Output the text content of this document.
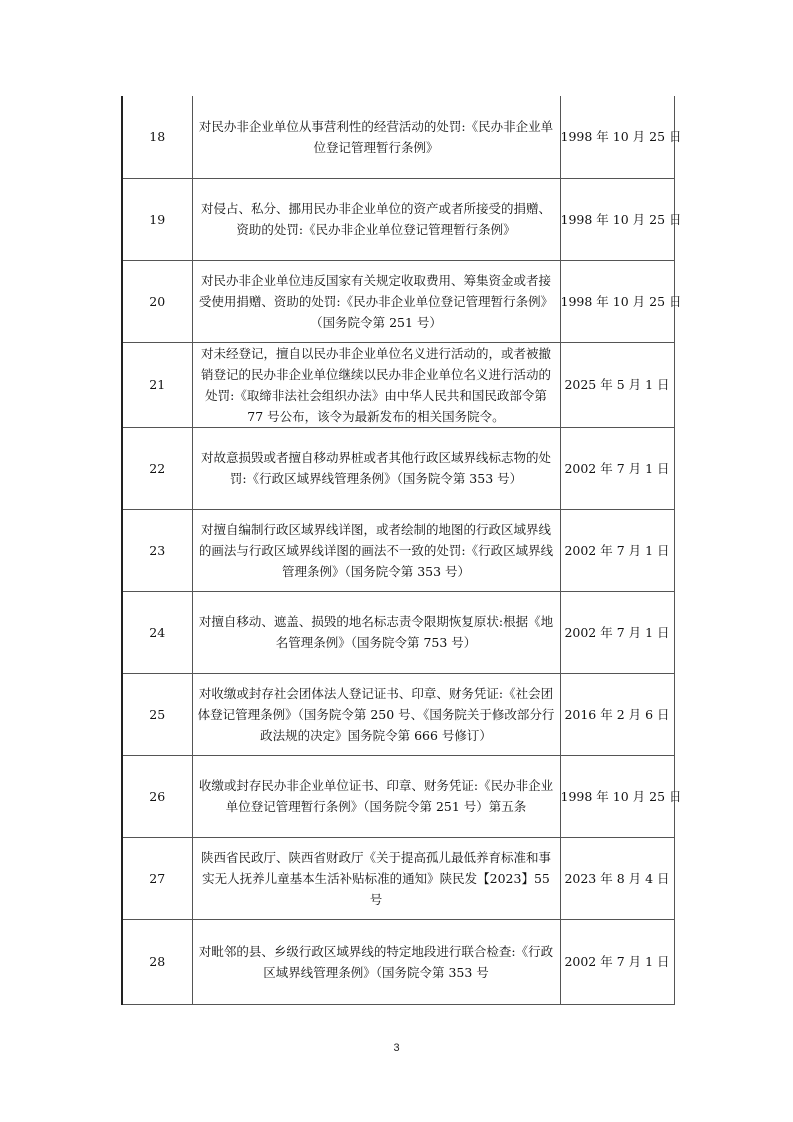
18	对民办非企业单位从事营利性的经营活动的处罚:《民办非企业单位登记管理暂行条例》	1998 年 10 月 25 日
19	对侵占、私分、挪用民办非企业单位的资产或者所接受的捐赠、资助的处罚:《民办非企业单位登记管理暂行条例》	1998 年 10 月 25 日
20	对民办非企业单位违反国家有关规定收取费用、筹集资金或者接受使用捐赠、资助的处罚:《民办非企业单位登记管理暂行条例》（国务院令第 251 号）	1998 年 10 月 25 日
21	对未经登记，擅自以民办非企业单位名义进行活动的，或者被撤销登记的民办非企业单位继续以民办非企业单位名义进行活动的处罚:《取缔非法社会组织办法》由中华人民共和国民政部令第 77 号公布，该令为最新发布的相关国务院令。	2025 年 5 月 1 日
22	对故意损毁或者擅自移动界桩或者其他行政区域界线标志物的处罚:《行政区域界线管理条例》（国务院令第 353 号）	2002 年 7 月 1 日
23	对擅自编制行政区域界线详图，或者绘制的地图的行政区域界线的画法与行政区域界线详图的画法不一致的处罚:《行政区域界线管理条例》（国务院令第 353 号）	2002 年 7 月 1 日
24	对擅自移动、遮盖、损毁的地名标志责令限期恢复原状:根据《地名管理条例》（国务院令第 753 号）	2002 年 7 月 1 日
25	对收缴或封存社会团体法人登记证书、印章、财务凭证:《社会团体登记管理条例》（国务院令第 250 号、《国务院关于修改部分行政法规的决定》国务院令第 666 号修订）	2016 年 2 月 6 日
26	收缴或封存民办非企业单位证书、印章、财务凭证:《民办非企业单位登记管理暂行条例》（国务院令第 251 号）第五条	1998 年 10 月 25 日
27	陕西省民政厅、陕西省财政厅《关于提高孤儿最低养育标准和事实无人抚养儿童基本生活补贴标准的通知》陕民发【2023】55 号	2023 年 8 月 4 日
28	对毗邻的县、乡级行政区域界线的特定地段进行联合检查:《行政区域界线管理条例》（国务院令第 353 号	2002 年 7 月 1 日
3
